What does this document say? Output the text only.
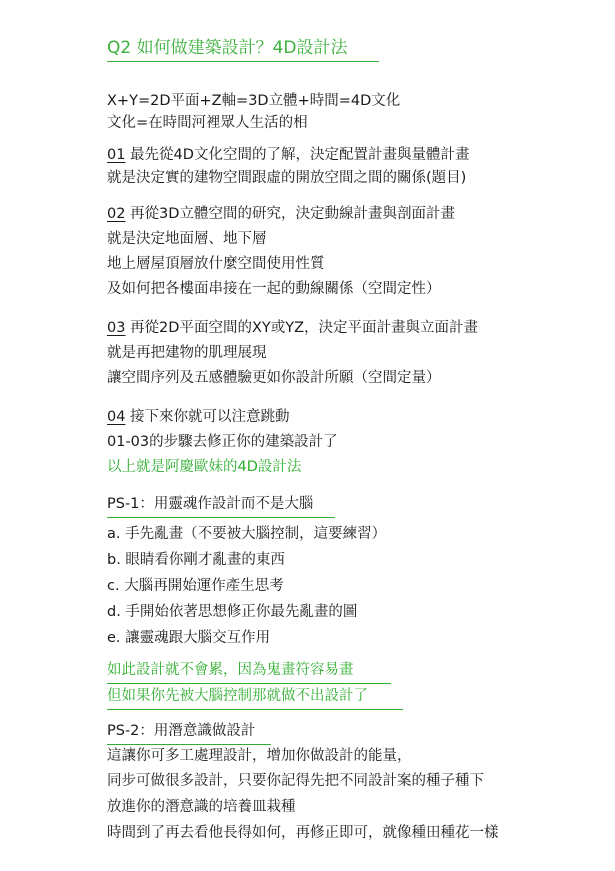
Q2 如何做建築設計？4D設計法
X+Y=2D平面+Z軸=3D立體+時間=4D文化
文化=在時間河裡眾人生活的相
01 最先從4D文化空間的了解，決定配置計畫與量體計畫
就是決定實的建物空間跟虛的開放空間之間的關係(題目)
02 再從3D立體空間的研究，決定動線計畫與剖面計畫
就是決定地面層、地下層
地上層屋頂層放什麼空間使用性質
及如何把各樓面串接在一起的動線關係（空間定性）
03 再從2D平面空間的XY或YZ，決定平面計畫與立面計畫
就是再把建物的肌理展現
讓空間序列及五感體驗更如你設計所願（空間定量）
04 接下來你就可以注意跳動
01-03的步驟去修正你的建築設計了
以上就是阿慶歐妹的4D設計法
PS-1：用靈魂作設計而不是大腦
a. 手先亂畫（不要被大腦控制，這要練習）
b. 眼睛看你剛才亂畫的東西
c. 大腦再開始運作產生思考
d. 手開始依著思想修正你最先亂畫的圖
e. 讓靈魂跟大腦交互作用
如此設計就不會累，因為鬼畫符容易畫
但如果你先被大腦控制那就做不出設計了
PS-2：用潛意識做設計
這讓你可多工處理設計，增加你做設計的能量，
同步可做很多設計，只要你記得先把不同設計案的種子種下
放進你的潛意識的培養皿栽種
時間到了再去看他長得如何，再修正即可，就像種田種花一樣
